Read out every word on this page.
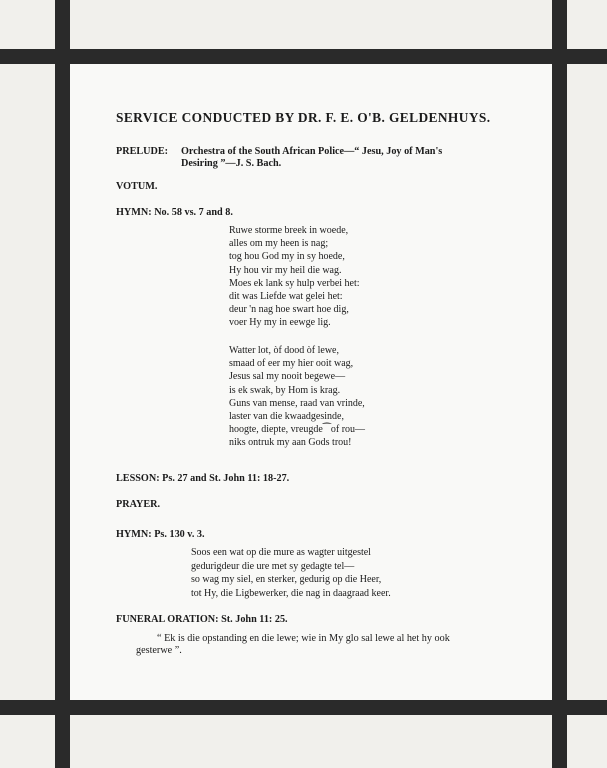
SERVICE CONDUCTED BY DR. F. E. O'B. GELDENHUYS.
PRELUDE: Orchestra of the South African Police—“ Jesu, Joy of Man's
Desiring ”—J. S. Bach.
VOTUM.
HYMN: No. 58 vs. 7 and 8.
Ruwe storme breek in woede,
alles om my heen is nag;
tog hou God my in sy hoede,
Hy hou vir my heil die wag.
Moes ek lank sy hulp verbei het:
dit was Liefde wat gelei het:
deur 'n nag hoe swart hoe dig,
voer Hy my in eewge lig.
Watter lot, òf dood òf lewe,
smaad of eer my hier ooit wag,
Jesus sal my nooit begewe—
is ek swak, by Hom is krag.
Guns van mense, raad van vrinde,
laster van die kwaadgesinde,
hoogte, diepte, vreugde⁀of rou—
niks ontruk my aan Gods trou!
LESSON: Ps. 27 and St. John 11: 18-27.
PRAYER.
HYMN: Ps. 130 v. 3.
Soos een wat op die mure as wagter uitgestel
gedurigdeur die ure met sy gedagte tel—
so wag my siel, en sterker, gedurig op die Heer,
tot Hy, die Ligbewerker, die nag in daagraad keer.
FUNERAL ORATION: St. John 11: 25.
“ Ek is die opstanding en die lewe; wie in My glo sal lewe al het hy ook
gesterwe ”.
